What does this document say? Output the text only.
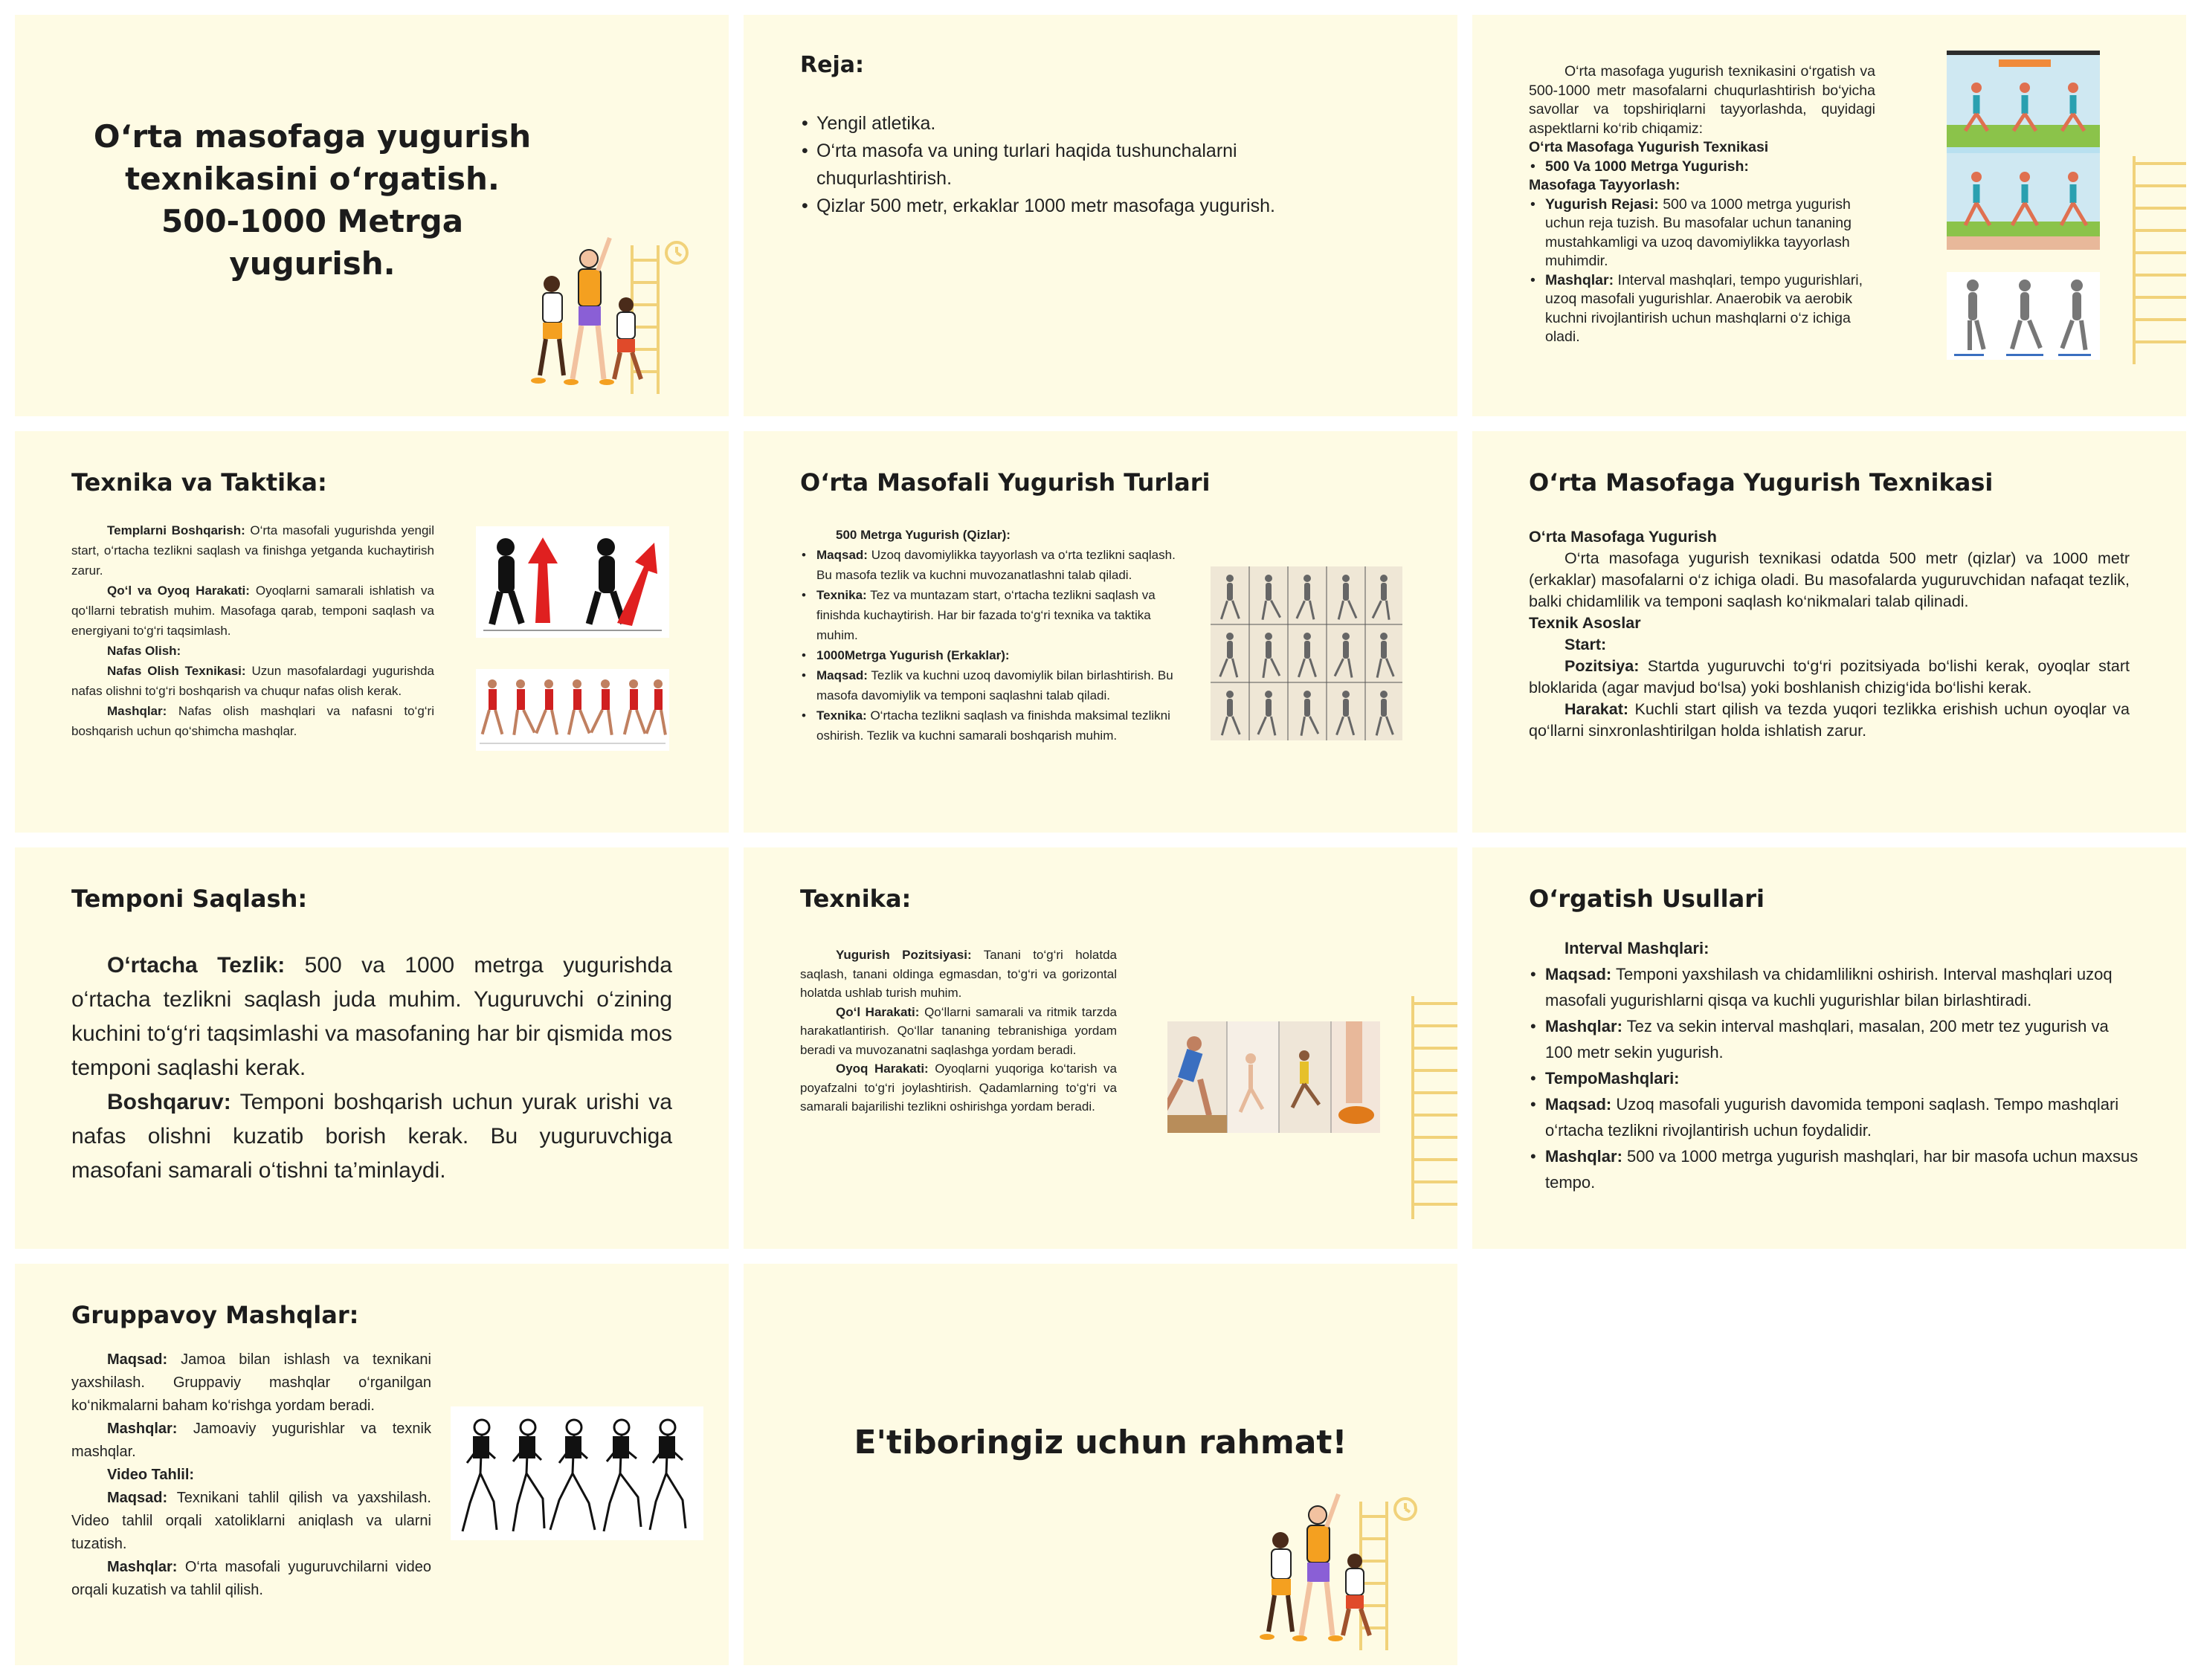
O‘rta masofaga yugurish
texnikasini o‘rgatish.
500-1000 Metrga yugurish.
Reja:
• Yengil atletika.
• O‘rta masofa va uning turlari haqida tushunchalarni chuqurlashtirish.
• Qizlar 500 metr, erkaklar 1000 metr masofaga yugurish.

O‘rta masofaga yugurish texnikasini o‘rgatish va 500-1000 metr masofalarni chuqurlashtirish bo‘yicha savollar va topshiriqlarni tayyorlashda, quyidagi aspektlarni ko‘rib chiqamiz:

O‘rta Masofaga Yugurish Texnikasi

• 500 Va 1000 Metrga Yugurish:

Masofaga Tayyorlash:

• Yugurish Rejasi: 500 va 1000 metrga yugurish uchun reja tuzish. Bu masofalar uchun tananing mustahkamligi va uzoq davomiylikka tayyorlash muhimdir.
• Mashqlar: Interval mashqlari, tempo yugurishlari, uzoq masofali yugurishlar. Anaerobik va aerobik kuchni rivojlantirish uchun mashqlarni o‘z ichiga oladi.
Texnika va Taktika:

Templarni Boshqarish: O‘rta masofali yugurishda yengil start, o‘rtacha tezlikni saqlash va finishga yetganda kuchaytirish zarur.

Qo‘l va Oyoq Harakati: Oyoqlarni samarali ishlatish va qo‘llarni tebratish muhim. Masofaga qarab, temponi saqlash va energiyani to‘g‘ri taqsimlash.

Nafas Olish:

Nafas Olish Texnikasi: Uzun masofalardagi yugurishda nafas olishni to‘g‘ri boshqarish va chuqur nafas olish kerak.

Mashqlar: Nafas olish mashqlari va nafasni to‘g‘ri boshqarish uchun qo‘shimcha mashqlar.

O‘rta Masofali Yugurish Turlari
500 Metrga Yugurish (Qizlar):
• Maqsad: Uzoq davomiylikka tayyorlash va o‘rta tezlikni saqlash. Bu masofa tezlik va kuchni muvozanatlashni talab qiladi.
• Texnika: Tez va muntazam start, o‘rtacha tezlikni saqlash va finishda kuchaytirish. Har bir fazada to‘g‘ri texnika va taktika muhim.
• 1000Metrga Yugurish (Erkaklar):
• Maqsad: Tezlik va kuchni uzoq davomiylik bilan birlashtirish. Bu masofa davomiylik va temponi saqlashni talab qiladi.
• Texnika: O‘rtacha tezlikni saqlash va finishda maksimal tezlikni oshirish. Tezlik va kuchni samarali boshqarish muhim.
O‘rta Masofaga Yugurish Texnikasi

O‘rta Masofaga Yugurish

O‘rta masofaga yugurish texnikasi odatda 500 metr (qizlar) va 1000 metr (erkaklar) masofalarni o‘z ichiga oladi. Bu masofalarda yuguruvchidan nafaqat tezlik, balki chidamlilik va temponi saqlash ko‘nikmalari talab qilinadi.

Texnik Asoslar

Start:

Pozitsiya: Startda yuguruvchi to‘g‘ri pozitsiyada bo‘lishi kerak, oyoqlar start bloklarida (agar mavjud bo‘lsa) yoki boshlanish chizig‘ida bo‘lishi kerak.

Harakat: Kuchli start qilish va tezda yuqori tezlikka erishish uchun oyoqlar va qo‘llarni sinxronlashtirilgan holda ishlatish zarur.

Temponi Saqlash:

O‘rtacha Tezlik: 500 va 1000 metrga yugurishda o‘rtacha tezlikni saqlash juda muhim. Yuguruvchi o‘zining kuchini to‘g‘ri taqsimlashi va masofaning har bir qismida mos temponi saqlashi kerak.

Boshqaruv: Temponi boshqarish uchun yurak urishi va nafas olishni kuzatib borish kerak. Bu yuguruvchiga masofani samarali o‘tishni ta’minlaydi.

Texnika:

Yugurish Pozitsiyasi: Tanani to‘g‘ri holatda saqlash, tanani oldinga egmasdan, to‘g‘ri va gorizontal holatda ushlab turish muhim.

Qo‘l Harakati: Qo‘llarni samarali va ritmik tarzda harakatlantirish. Qo‘llar tananing tebranishiga yordam beradi va muvozanatni saqlashga yordam beradi.

Oyoq Harakati: Oyoqlarni yuqoriga ko‘tarish va poyafzalni to‘g‘ri joylashtirish. Qadamlarning to‘g‘ri va samarali bajarilishi tezlikni oshirishga yordam beradi.

O‘rgatish Usullari
Interval Mashqlari:
• Maqsad: Temponi yaxshilash va chidamlilikni oshirish. Interval mashqlari uzoq masofali yugurishlarni qisqa va kuchli yugurishlar bilan birlashtiradi.
• Mashqlar: Tez va sekin interval mashqlari, masalan, 200 metr tez yugurish va 100 metr sekin yugurish.
• TempoMashqlari:
• Maqsad: Uzoq masofali yugurish davomida temponi saqlash. Tempo mashqlari o‘rtacha tezlikni rivojlantirish uchun foydalidir.
• Mashqlar: 500 va 1000 metrga yugurish mashqlari, har bir masofa uchun maxsus tempo.
Gruppavoy Mashqlar:

Maqsad: Jamoa bilan ishlash va texnikani yaxshilash. Gruppaviy mashqlar o‘rganilgan ko‘nikmalarni baham ko‘rishga yordam beradi.

Mashqlar: Jamoaviy yugurishlar va texnik mashqlar.

Video Tahlil:

Maqsad: Texnikani tahlil qilish va yaxshilash. Video tahlil orqali xatoliklarni aniqlash va ularni tuzatish.

Mashqlar: O‘rta masofali yuguruvchilarni video orqali kuzatish va tahlil qilish.

E'tiboringiz uchun rahmat!
